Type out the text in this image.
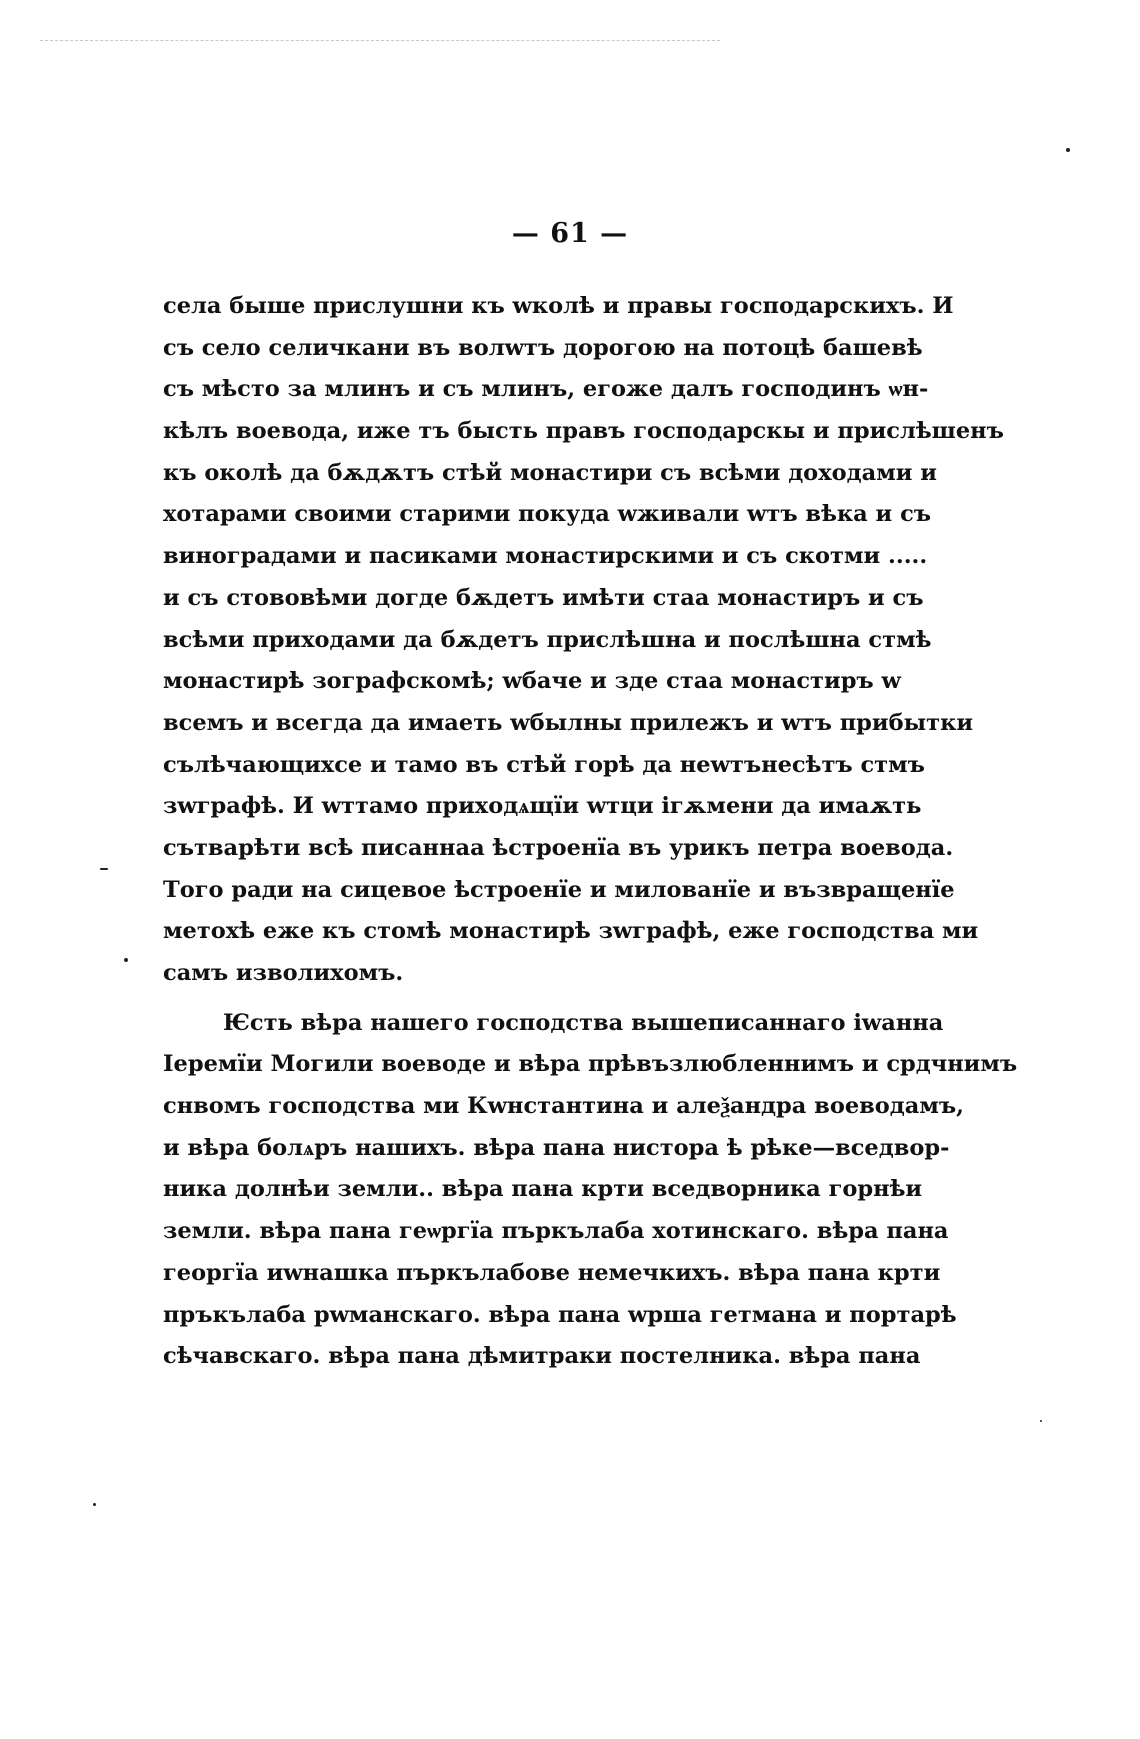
— 61 —
села быше прислушни къ wколѣ и правы господарскихъ. И
съ село селичкани въ волwтъ дорогою на потоцѣ башевѣ
съ мѣсто за млинъ и съ млинъ, егоже далъ господинъ ѡн-
кѣлъ воевода, иже тъ бысть правъ господарскы и прислѣшенъ
къ околѣ да бѫдѫтъ стѣй монастири съ всѣми доходами и
хотарами своими старими покуда wживали wтъ вѣка и съ
виноградами и пасиками монастирскими и съ скотми .....
и съ стововѣми догде бѫдетъ имѣти стаа монастиръ и съ
всѣми приходами да бѫдетъ прислѣшна и послѣшна стмѣ
монастирѣ зографскомѣ; wбаче и зде стаа монастиръ w
всемъ и всегда да имаеть wбылны прилежъ и wтъ прибытки
сълѣчающихсе и тамо въ стѣй горѣ да неwтънесѣтъ стмъ
зwграфѣ. И wттамо приходѧщїи wтци ігѫмени да имаѫть
сътварѣти всѣ писаннаа ѣстроенїа въ урикъ петра воевода.
Того ради на сицевое ѣстроенїе и милованїе и възвращенїе
метохѣ еже къ стомѣ монастирѣ зwграфѣ, еже господства ми
самъ изволихомъ.
Ѥсть вѣра нашего господства вышеписаннаго iwанна
Іеремїи Могили воеводе и вѣра прѣвъзлюбленнимъ и срдчнимъ
снвомъ господства ми Кwнстантина и алеѯандра воеводамъ,
и вѣра болѧръ нашихъ. вѣра пана нистора ѣ рѣке—вседвор-
ника долнѣи земли.. вѣра пана крти вседворника горнѣи
земли. вѣра пана геѡргїа пъркълаба хотинскаго. вѣра пана
георгїа иwнашка пъркълабове немечкихъ. вѣра пана крти
пръкълаба рwманскаго. вѣра пана wрша гетмана и портарѣ
сѣчавскаго. вѣра пана дѣмитраки постелника. вѣра пана
